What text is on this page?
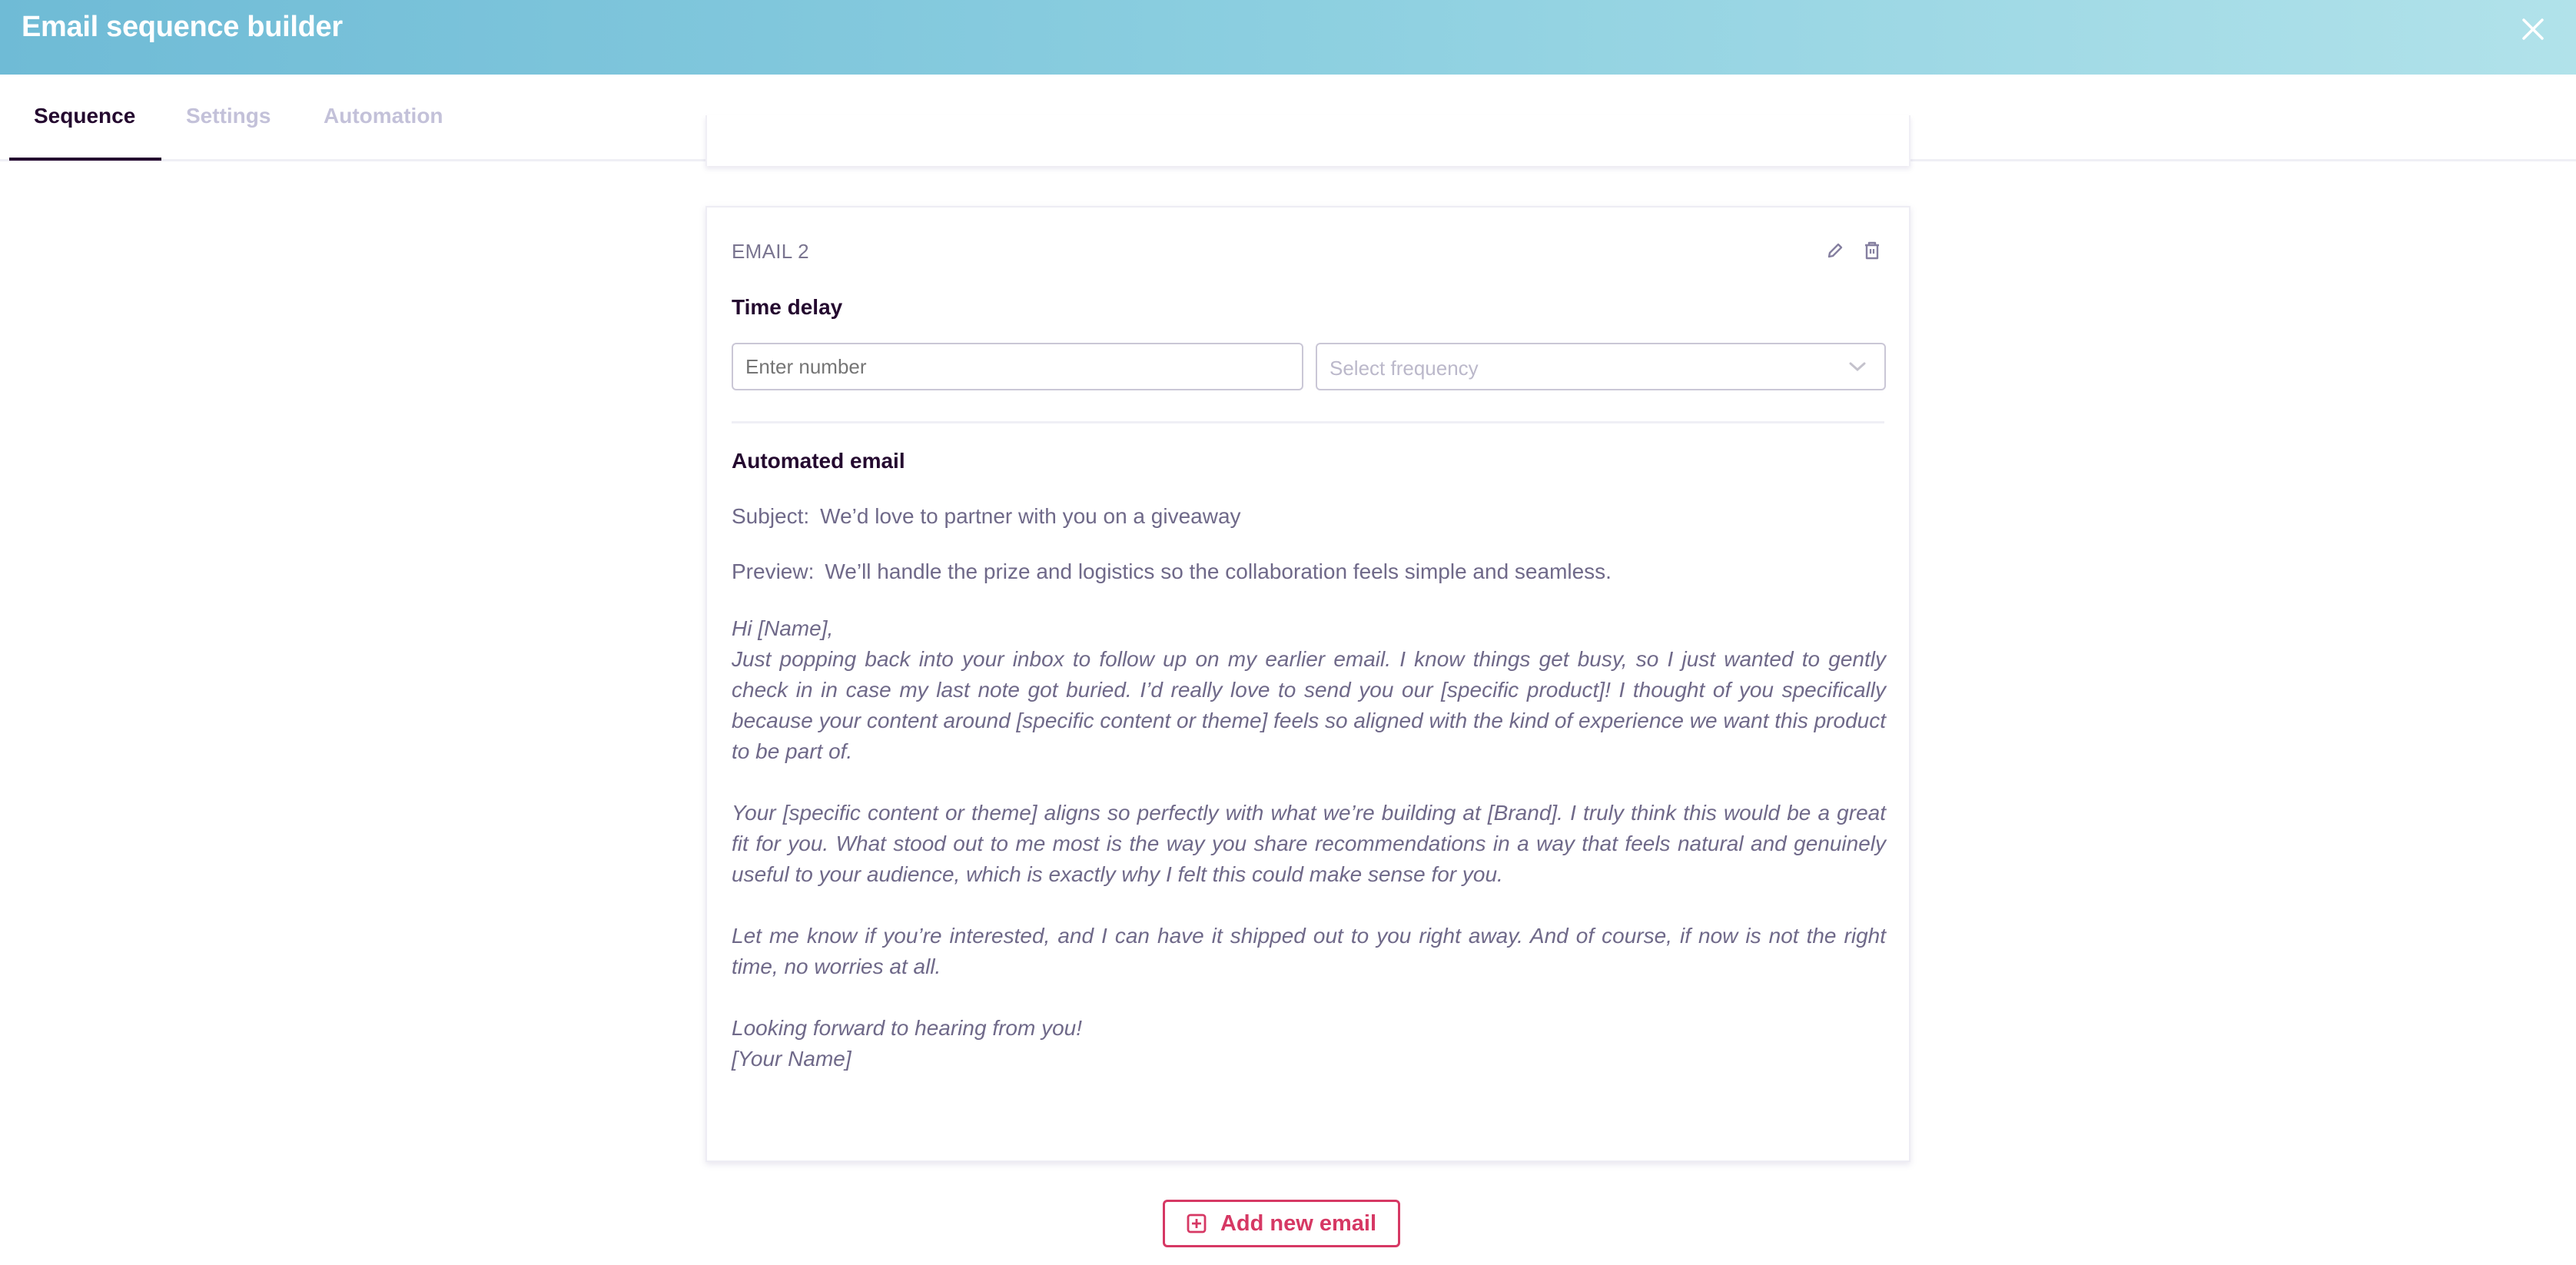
Email sequence builder
Sequence Settings Automation
EMAIL 2
Time delay
Enter number
Select frequency
Automated email
Subject: We’d love to partner with you on a giveaway
Preview: We’ll handle the prize and logistics so the collaboration feels simple and seamless.

Hi [Name],

Just popping back into your inbox to follow up on my earlier email. I know things get busy, so I just wanted to gently check in in case my last note got buried. I’d really love to send you our [specific product]! I thought of you specifically because your content around [specific content or theme] feels so aligned with the kind of experience we want this product to be part of.

Your [specific content or theme] aligns so perfectly with what we’re building at [Brand]. I truly think this would be a great fit for you. What stood out to me most is the way you share recommendations in a way that feels natural and genuinely useful to your audience, which is exactly why I felt this could make sense for you.

Let me know if you’re interested, and I can have it shipped out to you right away. And of course, if now is not the right time, no worries at all.

Looking forward to hearing from you!

[Your Name]

Add new email
